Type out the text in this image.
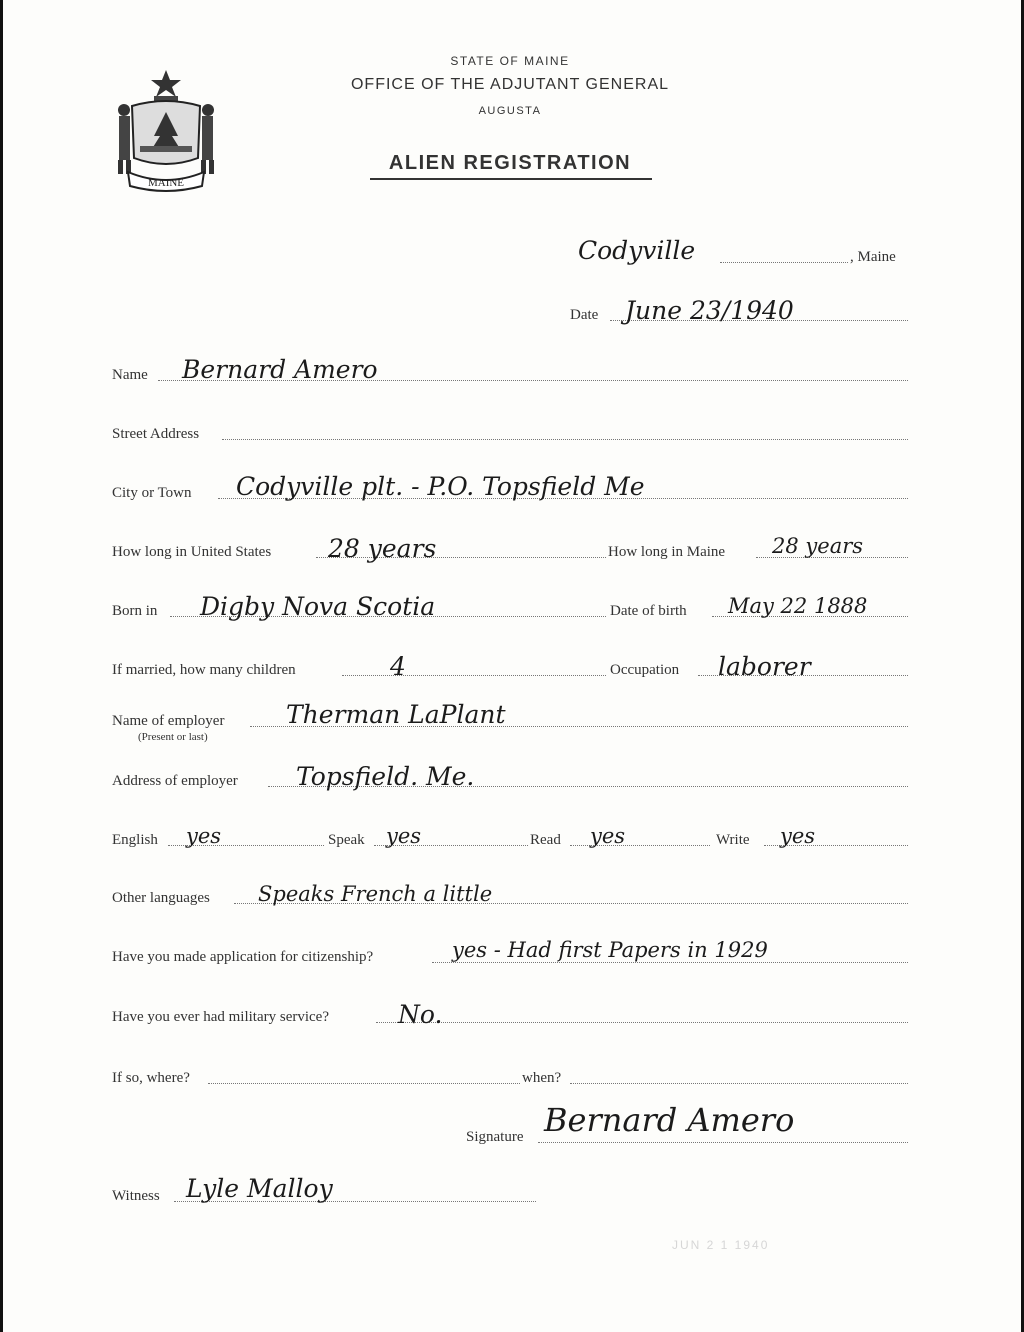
MAINE
STATE OF MAINE
OFFICE OF THE ADJUTANT GENERAL
AUGUSTA
ALIEN REGISTRATION
Codyville	, Maine
Date June 23/1940
Name Bernard Amero
Street Address
City or Town Codyville plt. - P.O. Topsfield Me
How long in United States 28 years	How long in Maine 28 years
Born in Digby Nova Scotia	Date of birth May 22 1888
If married, how many children	4	Occupation laborer
Name of employer
(Present or last)
Therman LaPlant
Address of employer Topsfield. Me.
English yes	Speak yes	Read yes	Write yes
Other languages Speaks French a little
Have you made application for citizenship?	yes - Had first Papers in 1929
Have you ever had military service?	No.
If so, where?	when?
Signature Bernard Amero
Witness Lyle Malloy
JUN 2 1 1940
